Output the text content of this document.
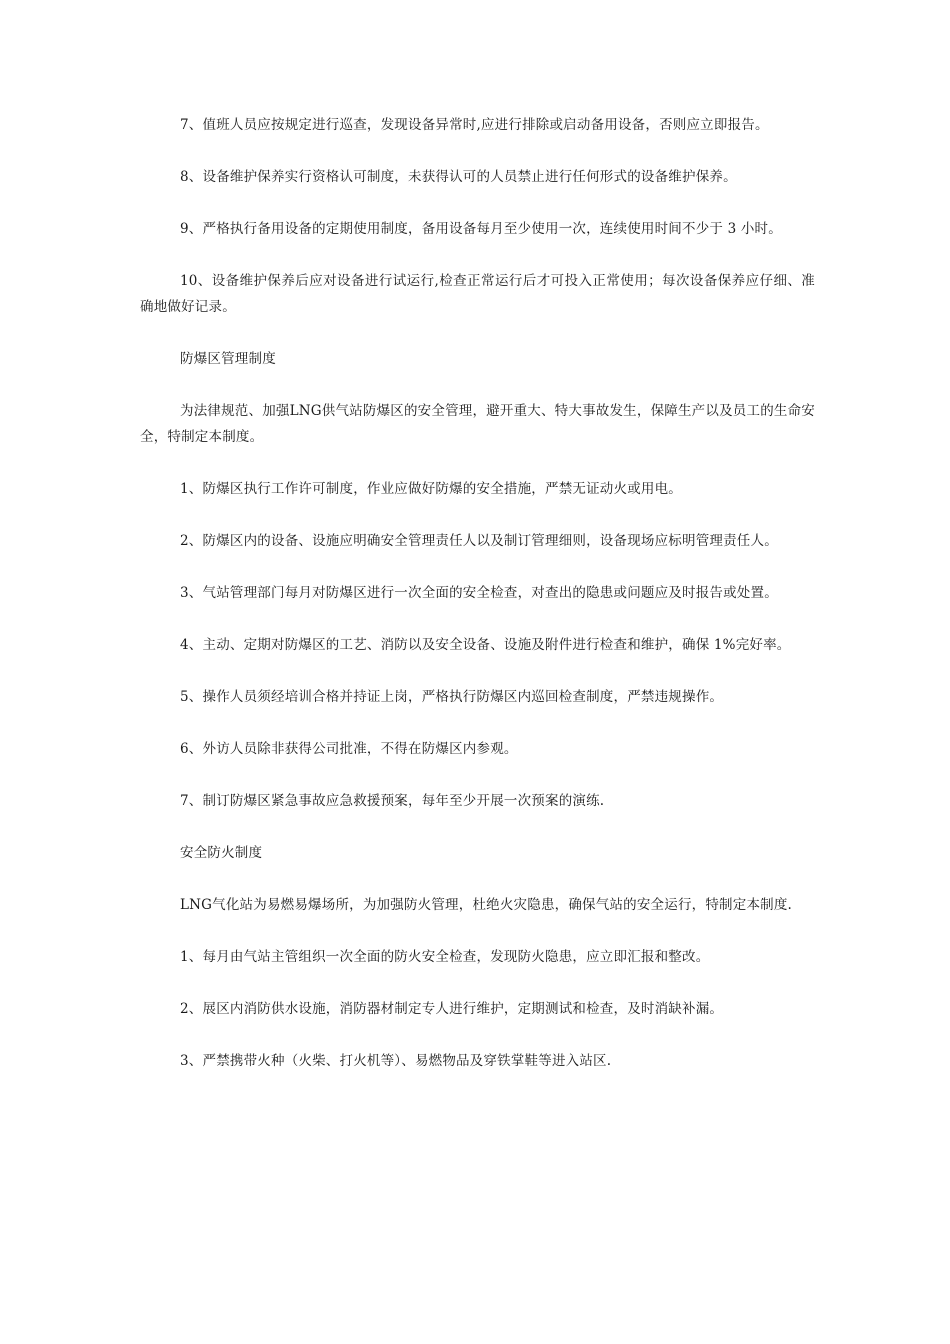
7、值班人员应按规定进行巡查，发现设备异常时,应进行排除或启动备用设备，否则应立即报告。

8、设备维护保养实行资格认可制度，未获得认可的人员禁止进行任何形式的设备维护保养。

9、严格执行备用设备的定期使用制度，备用设备每月至少使用一次，连续使用时间不少于 3 小时。

10、设备维护保养后应对设备进行试运行,检查正常运行后才可投入正常使用；每次设备保养应仔细、准确地做好记录。

防爆区管理制度

为法律规范、加强LNG供气站防爆区的安全管理，避开重大、特大事故发生，保障生产以及员工的生命安全，特制定本制度。

1、防爆区执行工作许可制度，作业应做好防爆的安全措施，严禁无证动火或用电。

2、防爆区内的设备、设施应明确安全管理责任人以及制订管理细则，设备现场应标明管理责任人。

3、气站管理部门每月对防爆区进行一次全面的安全检查，对查出的隐患或问题应及时报告或处置。

4、主动、定期对防爆区的工艺、消防以及安全设备、设施及附件进行检查和维护，确保 1%完好率。

5、操作人员须经培训合格并持证上岗，严格执行防爆区内巡回检查制度，严禁违规操作。

6、外访人员除非获得公司批准，不得在防爆区内参观。

7、制订防爆区紧急事故应急救援预案，每年至少开展一次预案的演练.

安全防火制度

LNG气化站为易燃易爆场所，为加强防火管理，杜绝火灾隐患，确保气站的安全运行，特制定本制度.

1、每月由气站主管组织一次全面的防火安全检查，发现防火隐患，应立即汇报和整改。

2、展区内消防供水设施，消防器材制定专人进行维护，定期测试和检查，及时消缺补漏。

3、严禁携带火种（火柴、打火机等）、易燃物品及穿铁掌鞋等进入站区.
